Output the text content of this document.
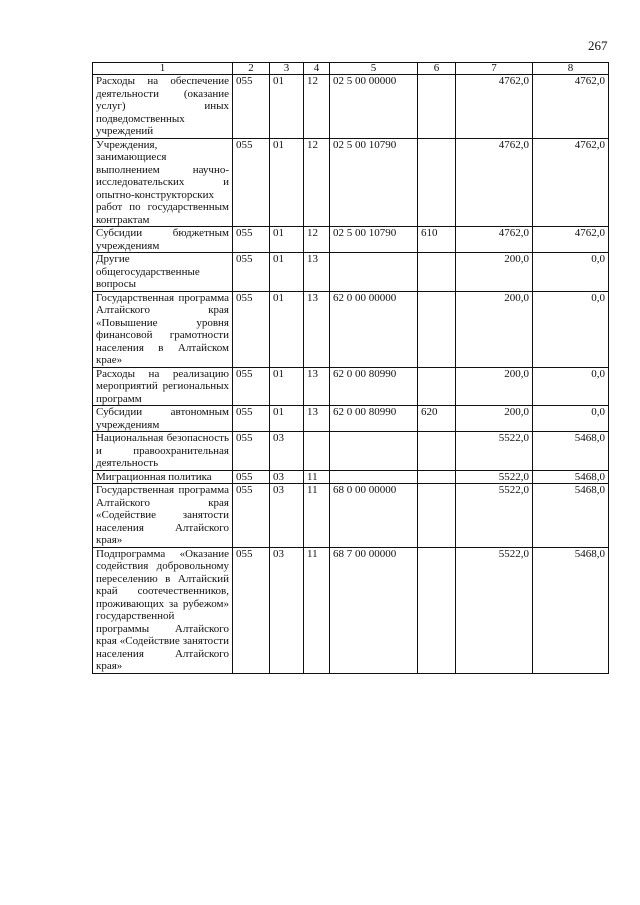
267
1	2	3	4	5	6	7	8
Расходы на обеспечение деятельности (оказание услуг) иных подведомственных учреждений	055	01	12	02 5 00 00000		4762,0	4762,0
Учреждения, занимающиеся выполнением научно-исследовательских и опытно-конструкторских работ по государственным контрактам	055	01	12	02 5 00 10790		4762,0	4762,0
Субсидии бюджетным учреждениям	055	01	12	02 5 00 10790	610	4762,0	4762,0
Другие общегосударственные вопросы	055	01	13			200,0	0,0
Государственная программа Алтайского края «Повышение уровня финансовой грамотности населения в Алтайском крае»	055	01	13	62 0 00 00000		200,0	0,0
Расходы на реализацию мероприятий региональных программ	055	01	13	62 0 00 80990		200,0	0,0
Субсидии автономным учреждениям	055	01	13	62 0 00 80990	620	200,0	0,0
Национальная безопасность и правоохранительная деятельность	055	03				5522,0	5468,0
Миграционная политика	055	03	11			5522,0	5468,0
Государственная программа Алтайского края «Содействие занятости населения Алтайского края»	055	03	11	68 0 00 00000		5522,0	5468,0
Подпрограмма «Оказание содействия добровольному переселению в Алтайский край соотечественников, проживающих за рубежом» государственной программы Алтайского края «Содействие занятости населения Алтайского края»	055	03	11	68 7 00 00000		5522,0	5468,0
